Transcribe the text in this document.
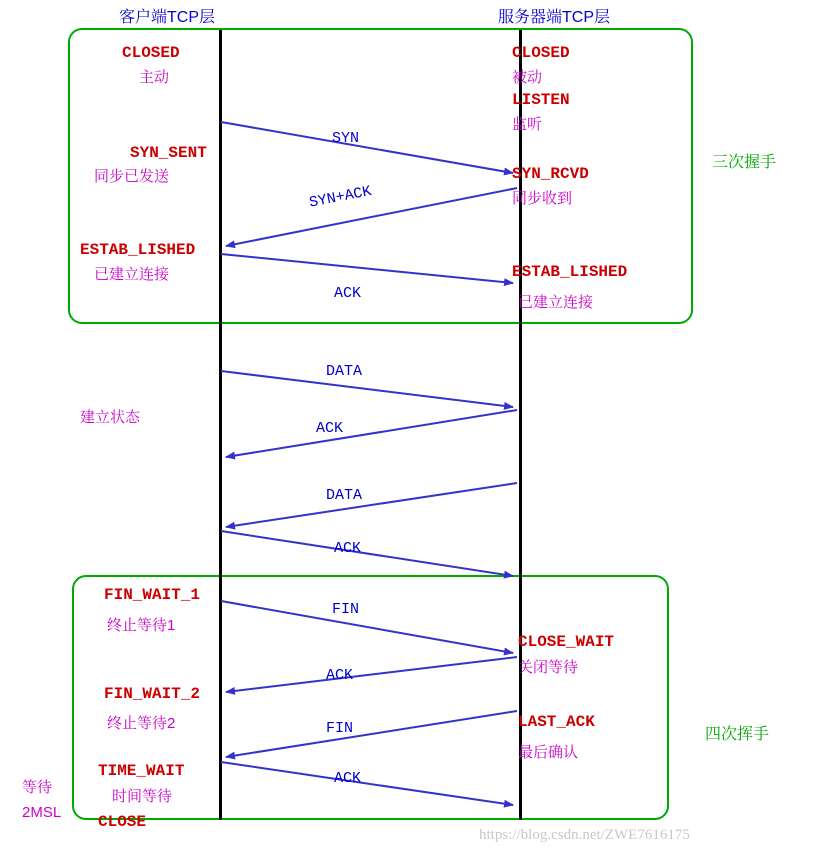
客户端TCP层	服务器端TCP层
三次握手
四次挥手
建立状态
等待
2MSL
CLOSED
主动
SYN_SENT
同步已发送
ESTAB_LISHED
已建立连接
FIN_WAIT_1
终止等待1
FIN_WAIT_2
终止等待2
TIME_WAIT
时间等待
CLOSE
CLOSED
被动
LISTEN
监听
SYN_RCVD
同步收到
ESTAB_LISHED
已建立连接
CLOSE_WAIT
关闭等待
LAST_ACK
最后确认
SYN
SYN+ACK
ACK
DATA
ACK
DATA
ACK
FIN
ACK
FIN
ACK
https://blog.csdn.net/ZWE7616175
